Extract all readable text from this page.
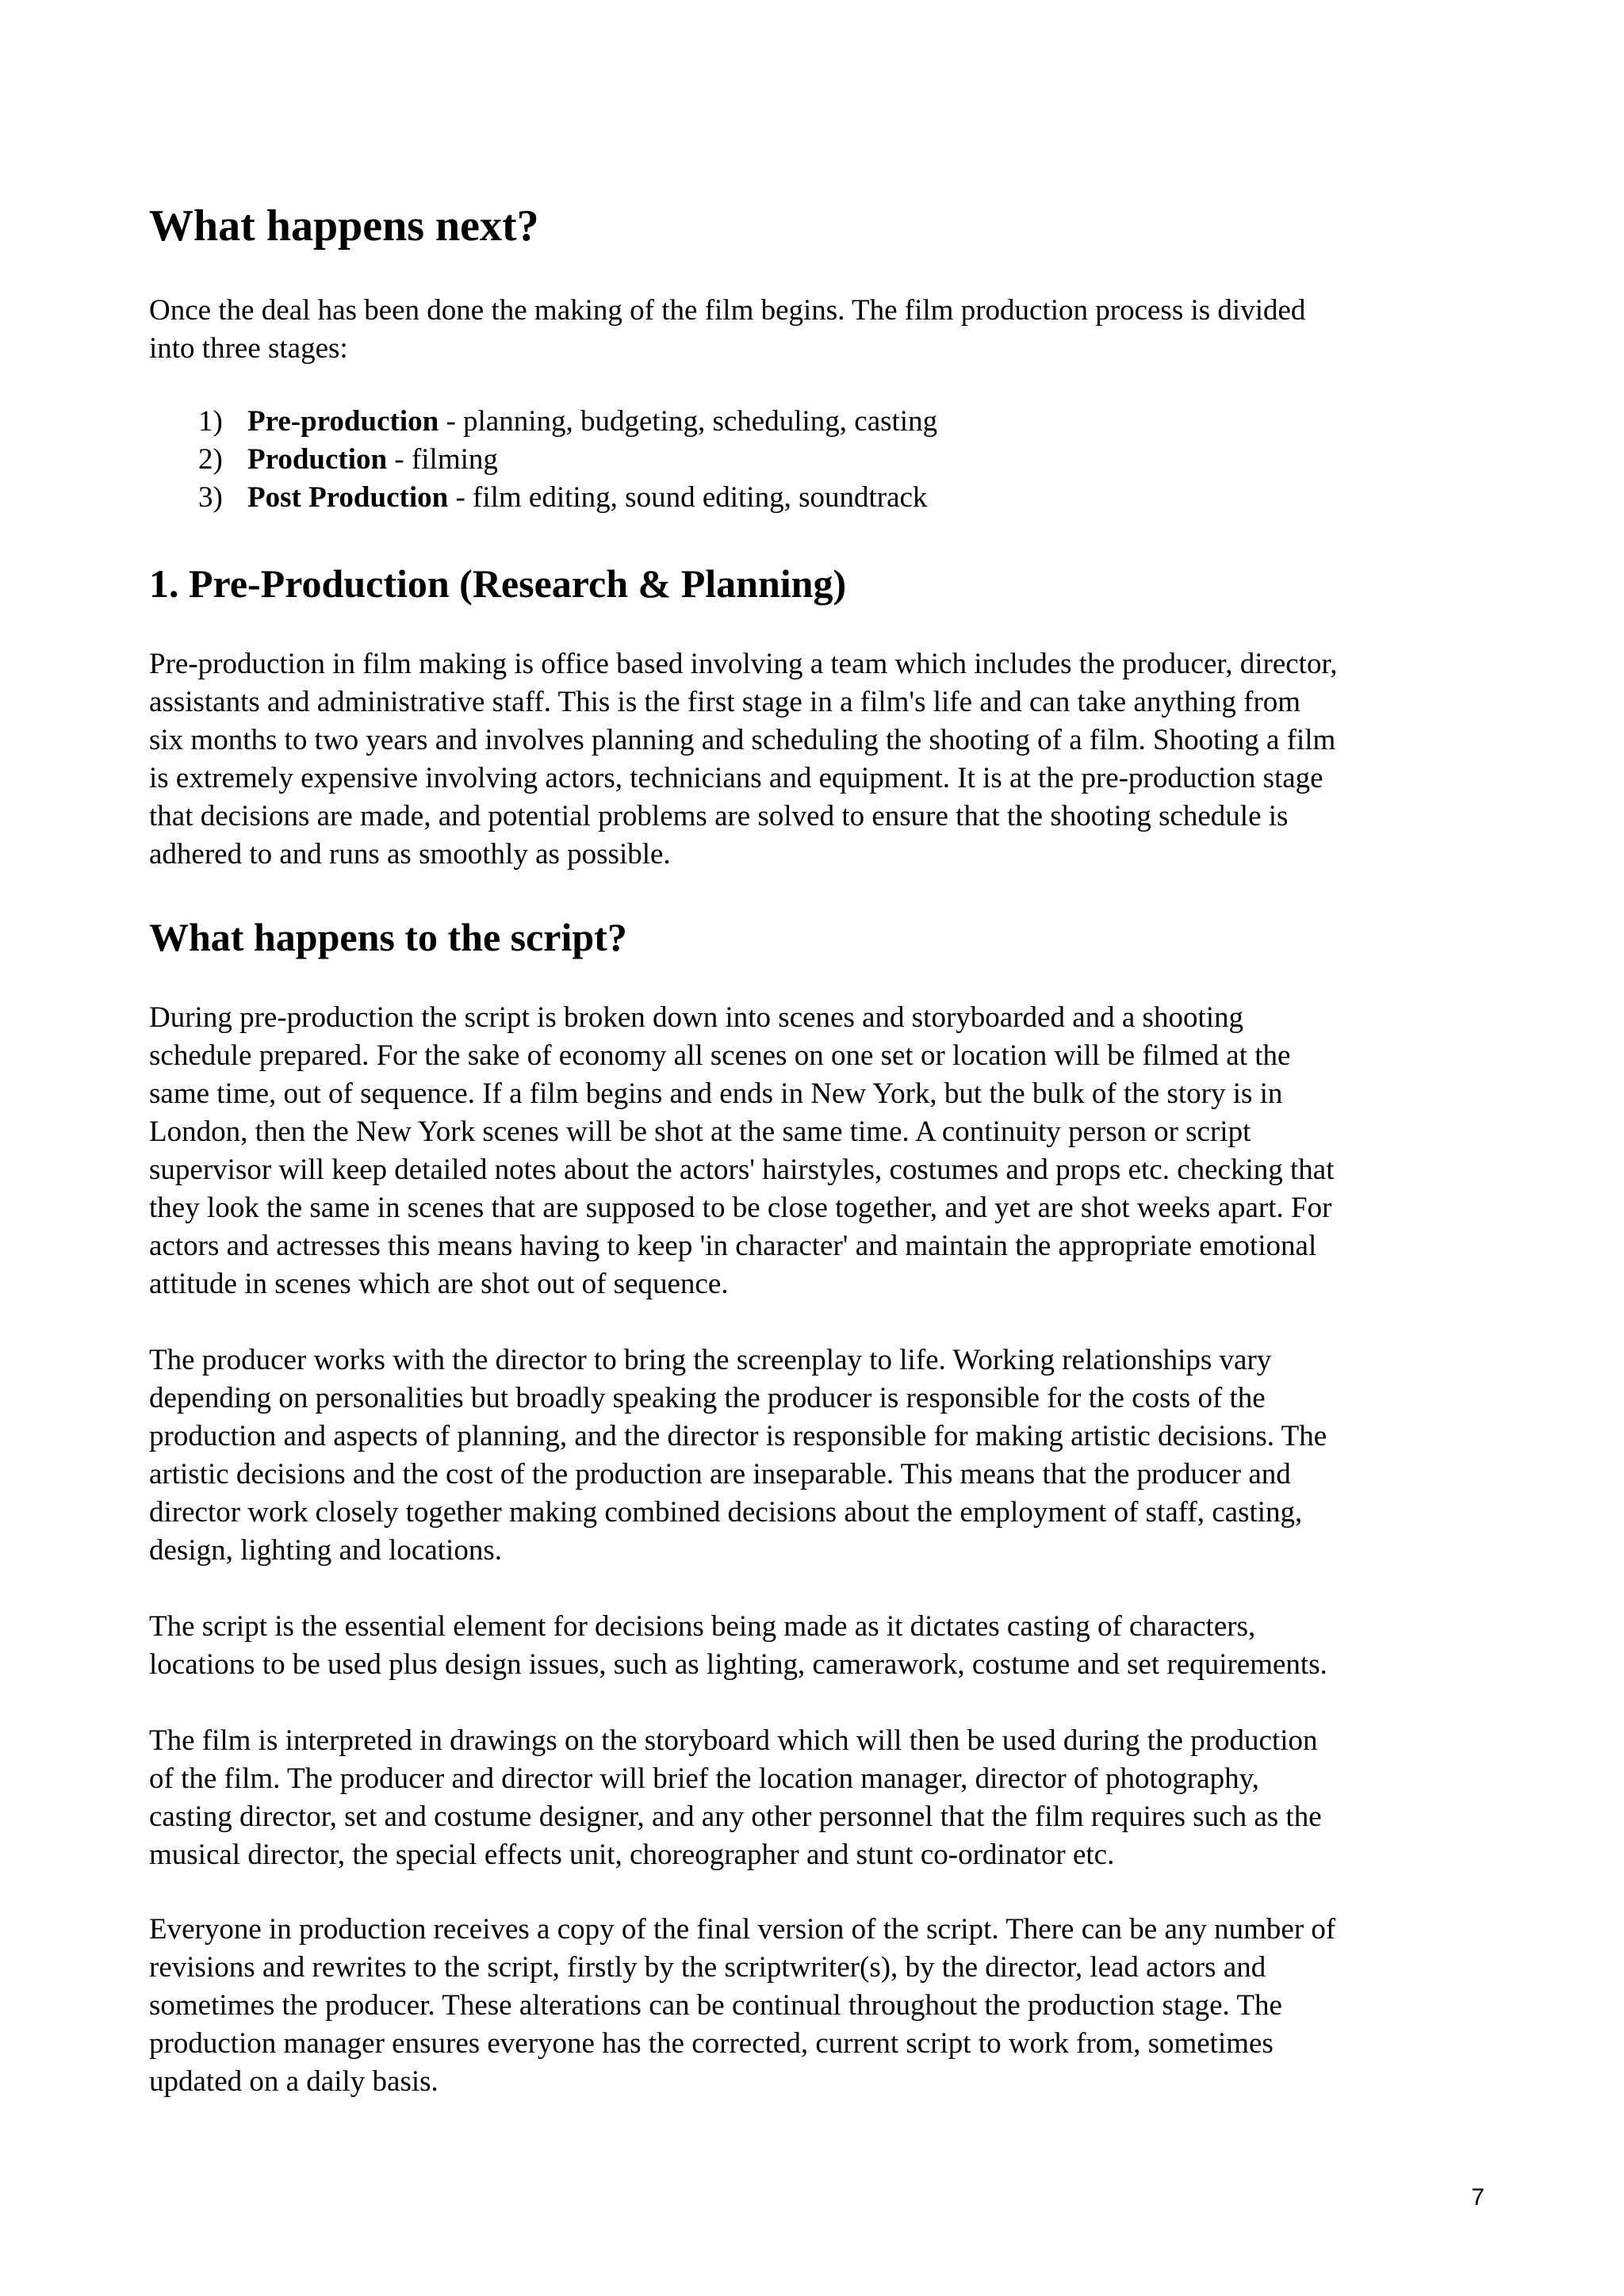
What happens next?
Once the deal has been done the making of the film begins. The film production process is divided
into three stages:
1) Pre-production - planning, budgeting, scheduling, casting
2) Production - filming
3) Post Production - film editing, sound editing, soundtrack
1. Pre-Production (Research & Planning)
Pre-production in film making is office based involving a team which includes the producer, director,
assistants and administrative staff. This is the first stage in a film's life and can take anything from
six months to two years and involves planning and scheduling the shooting of a film. Shooting a film
is extremely expensive involving actors, technicians and equipment. It is at the pre-production stage
that decisions are made, and potential problems are solved to ensure that the shooting schedule is
adhered to and runs as smoothly as possible.
What happens to the script?
During pre-production the script is broken down into scenes and storyboarded and a shooting
schedule prepared. For the sake of economy all scenes on one set or location will be filmed at the
same time, out of sequence. If a film begins and ends in New York, but the bulk of the story is in
London, then the New York scenes will be shot at the same time. A continuity person or script
supervisor will keep detailed notes about the actors' hairstyles, costumes and props etc. checking that
they look the same in scenes that are supposed to be close together, and yet are shot weeks apart. For
actors and actresses this means having to keep 'in character' and maintain the appropriate emotional
attitude in scenes which are shot out of sequence.
The producer works with the director to bring the screenplay to life. Working relationships vary
depending on personalities but broadly speaking the producer is responsible for the costs of the
production and aspects of planning, and the director is responsible for making artistic decisions. The
artistic decisions and the cost of the production are inseparable. This means that the producer and
director work closely together making combined decisions about the employment of staff, casting,
design, lighting and locations.
The script is the essential element for decisions being made as it dictates casting of characters,
locations to be used plus design issues, such as lighting, camerawork, costume and set requirements.
The film is interpreted in drawings on the storyboard which will then be used during the production
of the film. The producer and director will brief the location manager, director of photography,
casting director, set and costume designer, and any other personnel that the film requires such as the
musical director, the special effects unit, choreographer and stunt co-ordinator etc.
Everyone in production receives a copy of the final version of the script. There can be any number of
revisions and rewrites to the script, firstly by the scriptwriter(s), by the director, lead actors and
sometimes the producer. These alterations can be continual throughout the production stage. The
production manager ensures everyone has the corrected, current script to work from, sometimes
updated on a daily basis.
7
